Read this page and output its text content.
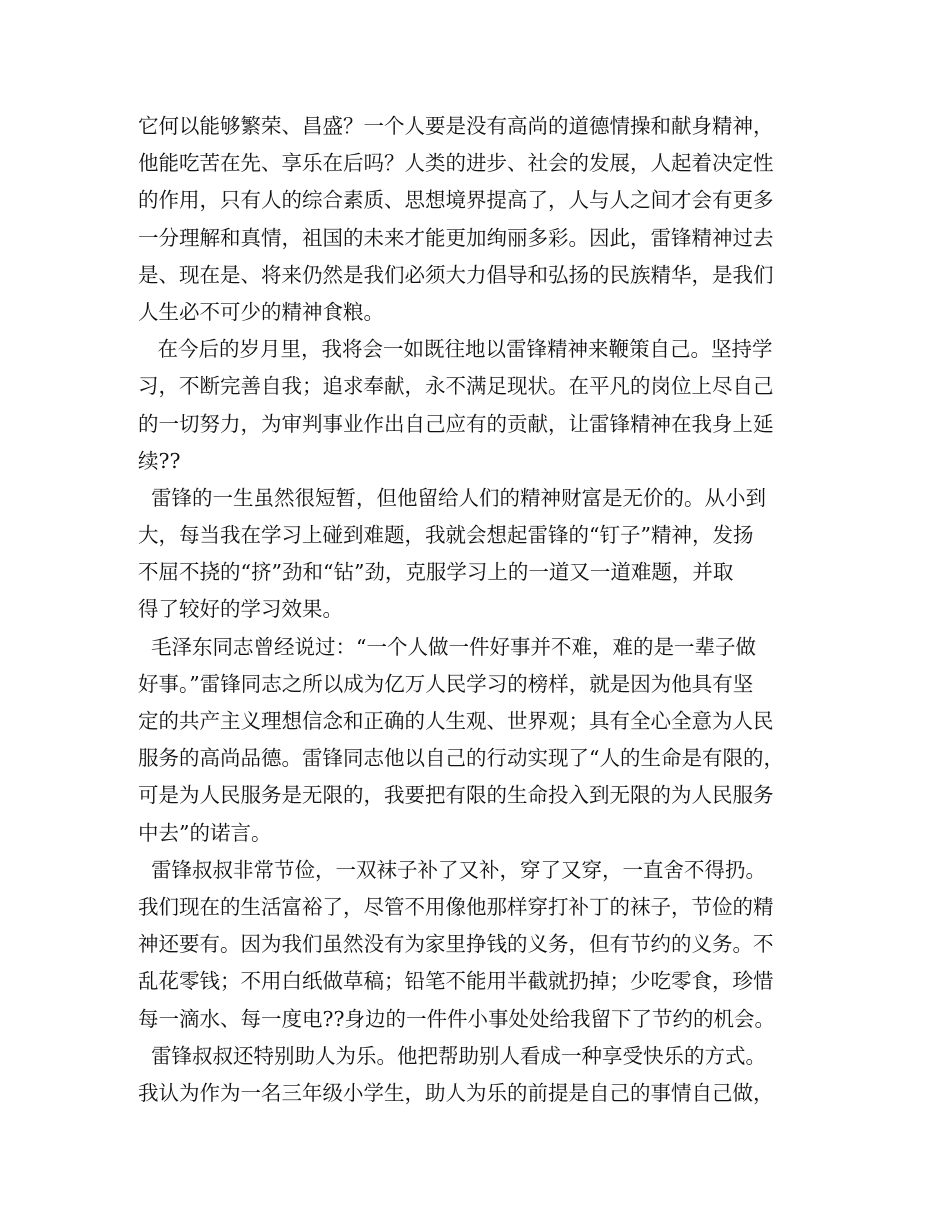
它何以能够繁荣、昌盛？一个人要是没有高尚的道德情操和献身精神，
他能吃苦在先、享乐在后吗？人类的进步、社会的发展，人起着决定性
的作用，只有人的综合素质、思想境界提高了，人与人之间才会有更多
一分理解和真情，祖国的未来才能更加绚丽多彩。因此，雷锋精神过去
是、现在是、将来仍然是我们必须大力倡导和弘扬的民族精华，是我们
人生必不可少的精神食粮。
在今后的岁月里，我将会一如既往地以雷锋精神来鞭策自己。坚持学
习，不断完善自我；追求奉献，永不满足现状。在平凡的岗位上尽自己
的一切努力，为审判事业作出自己应有的贡献，让雷锋精神在我身上延
续??
雷锋的一生虽然很短暂，但他留给人们的精神财富是无价的。从小到
大，每当我在学习上碰到难题，我就会想起雷锋的“钉子”精神，发扬
不屈不挠的“挤”劲和“钻”劲，克服学习上的一道又一道难题，并取
得了较好的学习效果。
毛泽东同志曾经说过：“一个人做一件好事并不难，难的是一辈子做
好事。”雷锋同志之所以成为亿万人民学习的榜样，就是因为他具有坚
定的共产主义理想信念和正确的人生观、世界观；具有全心全意为人民
服务的高尚品德。雷锋同志他以自己的行动实现了“人的生命是有限的，
可是为人民服务是无限的，我要把有限的生命投入到无限的为人民服务
中去”的诺言。
雷锋叔叔非常节俭，一双袜子补了又补，穿了又穿，一直舍不得扔。
我们现在的生活富裕了，尽管不用像他那样穿打补丁的袜子，节俭的精
神还要有。因为我们虽然没有为家里挣钱的义务，但有节约的义务。不
乱花零钱；不用白纸做草稿；铅笔不能用半截就扔掉；少吃零食，珍惜
每一滴水、每一度电??身边的一件件小事处处给我留下了节约的机会。
雷锋叔叔还特别助人为乐。他把帮助别人看成一种享受快乐的方式。
我认为作为一名三年级小学生，助人为乐的前提是自己的事情自己做，
